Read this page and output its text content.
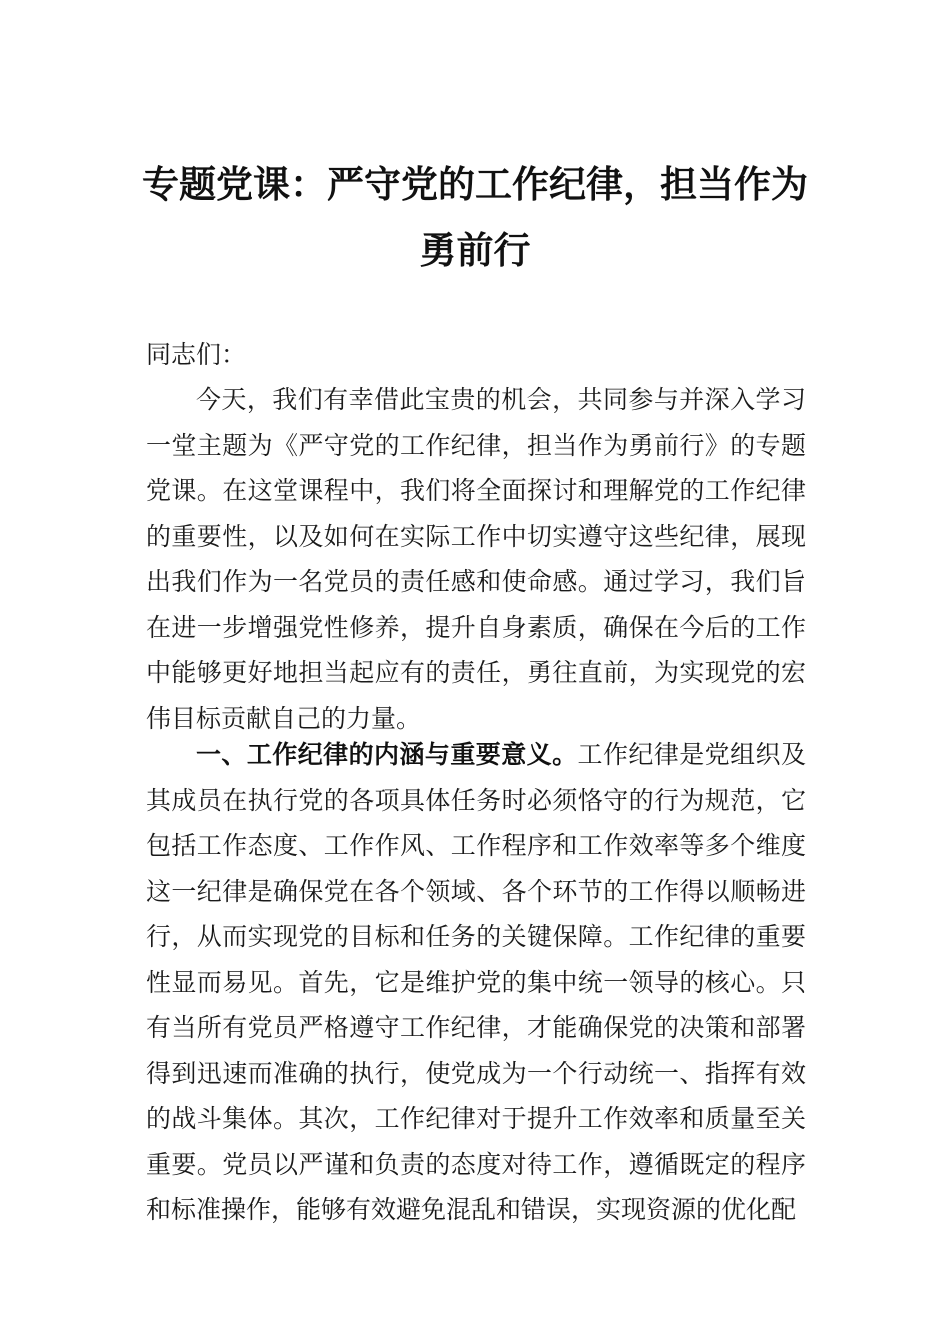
专题党课：严守党的工作纪律，担当作为
勇前行

同志们：

今天，我们有幸借此宝贵的机会，共同参与并深入学习一堂主题为《严守党的工作纪律，担当作为勇前行》的专题党课。在这堂课程中，我们将全面探讨和理解党的工作纪律的重要性，以及如何在实际工作中切实遵守这些纪律，展现出我们作为一名党员的责任感和使命感。通过学习，我们旨在进一步增强党性修养，提升自身素质，确保在今后的工作中能够更好地担当起应有的责任，勇往直前，为实现党的宏伟目标贡献自己的力量。

一、工作纪律的内涵与重要意义。工作纪律是党组织及其成员在执行党的各项具体任务时必须恪守的行为规范，它包括工作态度、工作作风、工作程序和工作效率等多个维度这一纪律是确保党在各个领域、各个环节的工作得以顺畅进行，从而实现党的目标和任务的关键保障。工作纪律的重要性显而易见。首先，它是维护党的集中统一领导的核心。只有当所有党员严格遵守工作纪律，才能确保党的决策和部署得到迅速而准确的执行，使党成为一个行动统一、指挥有效的战斗集体。其次，工作纪律对于提升工作效率和质量至关重要。党员以严谨和负责的态度对待工作，遵循既定的程序和标准操作，能够有效避免混乱和错误，实现资源的优化配
